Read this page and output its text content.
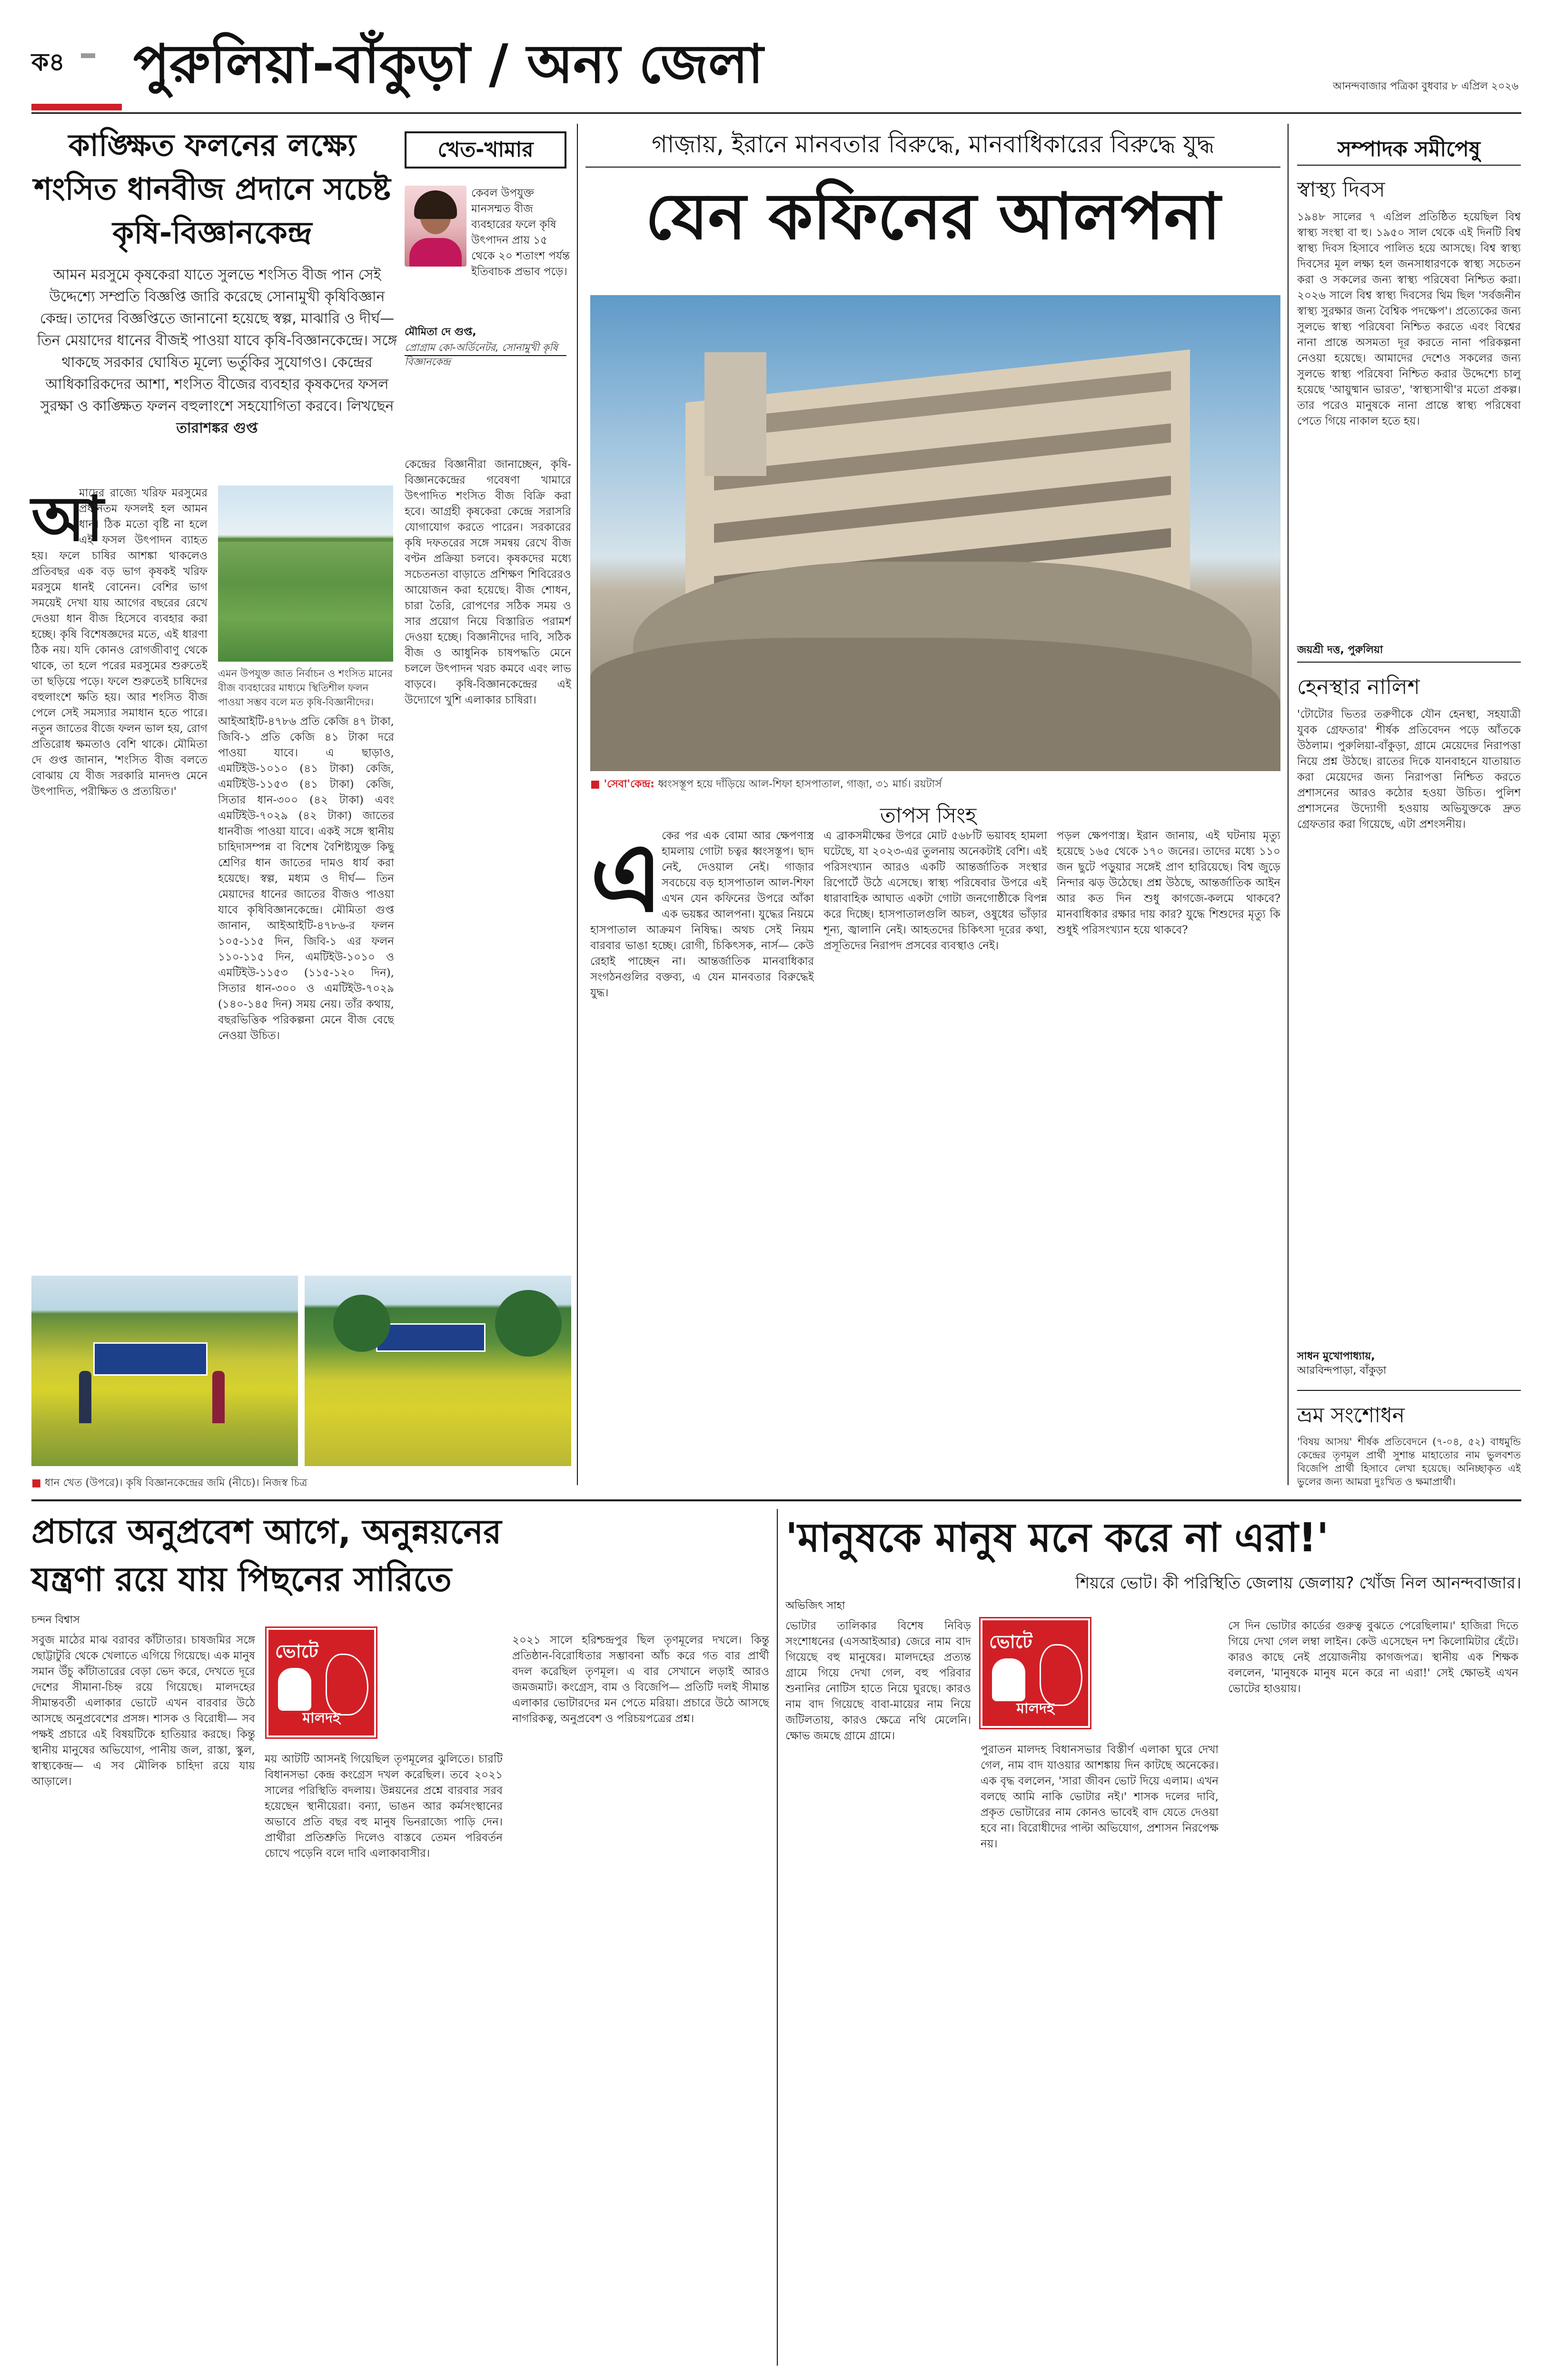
ক৪ পুরুলিয়া-বাঁকুড়া / অন্য জেলা	আনন্দবাজার পত্রিকা বুধবার ৮ এপ্রিল ২০২৬
কাঙ্ক্ষিত ফলনের লক্ষ্যে শংসিত ধানবীজ প্রদানে সচেষ্ট কৃষি-বিজ্ঞানকেন্দ্র
খেত-খামার
আমন মরসুমে কৃষকেরা যাতে সুলভে শংসিত বীজ পান সেই উদ্দেশ্যে সম্প্রতি বিজ্ঞপ্তি জারি করেছে সোনামুখী কৃষিবিজ্ঞান কেন্দ্র। তাদের বিজ্ঞপ্তিতে জানানো হয়েছে স্বল্প, মাঝারি ও দীর্ঘ— তিন মেয়াদের ধানের বীজই পাওয়া যাবে কৃষি-বিজ্ঞানকেন্দ্রে। সঙ্গে থাকছে সরকার ঘোষিত মূল্যে ভর্তুকির সুযোগও। কেন্দ্রের আধিকারিকদের আশা, শংসিত বীজের ব্যবহার কৃষকদের ফসল সুরক্ষা ও কাঙ্ক্ষিত ফলন বহুলাংশে সহযোগিতা করবে। লিখছেন তারাশঙ্কর গুপ্ত
কেবল উপযুক্ত মানসম্মত বীজ ব্যবহারের ফলে কৃষি উৎপাদন প্রায় ১৫ থেকে ২০ শতাংশ পর্যন্ত ইতিবাচক প্রভাব পড়ে।
মৌমিতা দে গুপ্ত,
প্রোগ্রাম কো-অর্ডিনেটর, সোনামুখী কৃষি বিজ্ঞানকেন্দ্র
আ
মাদের রাজ্যে খরিফ মরসুমের প্রধানতম ফসলই হল আমন ধান। ঠিক মতো বৃষ্টি না হলে এই ফসল উৎপাদন ব্যাহত হয়। ফলে চাষির আশঙ্কা থাকলেও প্রতিবছর এক বড় ভাগ কৃষকই খরিফ মরসুমে ধানই বোনেন। বেশির ভাগ সময়েই দেখা যায় আগের বছরের রেখে দেওয়া ধান বীজ হিসেবে ব্যবহার করা হচ্ছে। কৃষি বিশেষজ্ঞদের মতে, এই ধারণা ঠিক নয়। যদি কোনও রোগজীবাণু থেকে থাকে, তা হলে পরের মরসুমের শুরুতেই তা ছড়িয়ে পড়ে। ফলে শুরুতেই চাষিদের বহুলাংশে ক্ষতি হয়। আর শংসিত বীজ পেলে সেই সমস্যার সমাধান হতে পারে। নতুন জাতের বীজে ফলন ভাল হয়, রোগ প্রতিরোধ ক্ষমতাও বেশি থাকে। মৌমিতা দে গুপ্ত জানান, 'শংসিত বীজ বলতে বোঝায় যে বীজ সরকারি মানদণ্ড মেনে উৎপাদিত, পরীক্ষিত ও প্রত্যয়িত।'
এমন উপযুক্ত জাত নির্বাচন ও শংসিত মানের বীজ ব্যবহারের মাধ্যমে স্থিতিশীল ফলন পাওয়া সম্ভব বলে মত কৃষি-বিজ্ঞানীদের।
আইআইটি-৪৭৮৬ প্রতি কেজি ৪৭ টাকা, জিবি-১ প্রতি কেজি ৪১ টাকা দরে পাওয়া যাবে। এ ছাড়াও, এমটিইউ-১০১০ (৪১ টাকা) কেজি, এমটিইউ-১১৫৩ (৪১ টাকা) কেজি, সিতার ধান-৩০০ (৪২ টাকা) এবং এমটিইউ-৭০২৯ (৪২ টাকা) জাতের ধানবীজ পাওয়া যাবে। একই সঙ্গে স্থানীয় চাহিদাসম্পন্ন বা বিশেষ বৈশিষ্ট্যযুক্ত কিছু শ্রেণির ধান জাতের দামও ধার্য করা হয়েছে। স্বল্প, মধ্যম ও দীর্ঘ— তিন মেয়াদের ধানের জাতের বীজও পাওয়া যাবে কৃষিবিজ্ঞানকেন্দ্রে। মৌমিতা গুপ্ত জানান, আইআইটি-৪৭৮৬-র ফলন ১০৫-১১৫ দিন, জিবি-১ এর ফলন ১১০-১১৫ দিন, এমটিইউ-১০১০ ও এমটিইউ-১১৫৩ (১১৫-১২০ দিন), সিতার ধান-৩০০ ও এমটিইউ-৭০২৯ (১৪০-১৪৫ দিন) সময় নেয়। তাঁর কথায়, বছরভিত্তিক পরিকল্পনা মেনে বীজ বেছে নেওয়া উচিত।
কেন্দ্রের বিজ্ঞানীরা জানাচ্ছেন, কৃষি-বিজ্ঞানকেন্দ্রের গবেষণা খামারে উৎপাদিত শংসিত বীজ বিক্রি করা হবে। আগ্রহী কৃষকেরা কেন্দ্রে সরাসরি যোগাযোগ করতে পারেন। সরকারের কৃষি দফতরের সঙ্গে সমন্বয় রেখে বীজ বণ্টন প্রক্রিয়া চলবে। কৃষকদের মধ্যে সচেতনতা বাড়াতে প্রশিক্ষণ শিবিরেরও আয়োজন করা হয়েছে। বীজ শোধন, চারা তৈরি, রোপণের সঠিক সময় ও সার প্রয়োগ নিয়ে বিস্তারিত পরামর্শ দেওয়া হচ্ছে। বিজ্ঞানীদের দাবি, সঠিক বীজ ও আধুনিক চাষপদ্ধতি মেনে চললে উৎপাদন খরচ কমবে এবং লাভ বাড়বে। কৃষি-বিজ্ঞানকেন্দ্রের এই উদ্যোগে খুশি এলাকার চাষিরা।
■ ধান খেত (উপরে)। কৃষি বিজ্ঞানকেন্দ্রের জমি (নীচে)। নিজস্ব চিত্র
গাজ়ায়, ইরানে মানবতার বিরুদ্ধে, মানবাধিকারের বিরুদ্ধে যুদ্ধ
যেন কফিনের আলপনা
■ 'সেবা'কেন্দ্র: ধ্বংসস্তূপ হয়ে দাঁড়িয়ে আল-শিফা হাসপাতাল, গাজ়া, ৩১ মার্চ। রয়টার্স
তাপস সিংহ
এ
কের পর এক বোমা আর ক্ষেপণাস্ত্র হামলায় গোটা চত্বর ধ্বংসস্তূপ। ছাদ নেই, দেওয়াল নেই। গাজ়ার সবচেয়ে বড় হাসপাতাল আল-শিফা এখন যেন কফিনের উপরে আঁকা এক ভয়ঙ্কর আলপনা। যুদ্ধের নিয়মে হাসপাতাল আক্রমণ নিষিদ্ধ। অথচ সেই নিয়ম বারবার ভাঙা হচ্ছে। রোগী, চিকিৎসক, নার্স— কেউ রেহাই পাচ্ছেন না। আন্তর্জাতিক মানবাধিকার সংগঠনগুলির বক্তব্য, এ যেন মানবতার বিরুদ্ধেই যুদ্ধ।
এ ব্রাকসমীক্ষের উপরে মোট ৫৬৮টি ভয়াবহ হামলা ঘটেছে, যা ২০২৩-এর তুলনায় অনেকটাই বেশি। এই পরিসংখ্যান আরও একটি আন্তর্জাতিক সংস্থার রিপোর্টে উঠে এসেছে। স্বাস্থ্য পরিষেবার উপরে এই ধারাবাহিক আঘাত একটা গোটা জনগোষ্ঠীকে বিপন্ন করে দিচ্ছে। হাসপাতালগুলি অচল, ওষুধের ভাঁড়ার শূন্য, জ্বালানি নেই। আহতদের চিকিৎসা দূরের কথা, প্রসূতিদের নিরাপদ প্রসবের ব্যবস্থাও নেই।
পড়ল ক্ষেপণাস্ত্র। ইরান জানায়, এই ঘটনায় মৃত্যু হয়েছে ১৬৫ থেকে ১৭০ জনের। তাদের মধ্যে ১১০ জন ছুটে পড়ুয়ার সঙ্গেই প্রাণ হারিয়েছে। বিশ্ব জুড়ে নিন্দার ঝড় উঠেছে। প্রশ্ন উঠছে, আন্তর্জাতিক আইন আর কত দিন শুধু কাগজে-কলমে থাকবে? মানবাধিকার রক্ষার দায় কার? যুদ্ধে শিশুদের মৃত্যু কি শুধুই পরিসংখ্যান হয়ে থাকবে?
সম্পাদক সমীপেষু
স্বাস্থ্য দিবস
১৯৪৮ সালের ৭ এপ্রিল প্রতিষ্ঠিত হয়েছিল বিশ্ব স্বাস্থ্য সংস্থা বা হু। ১৯৫০ সাল থেকে এই দিনটি বিশ্ব স্বাস্থ্য দিবস হিসাবে পালিত হয়ে আসছে। বিশ্ব স্বাস্থ্য দিবসের মূল লক্ষ্য হল জনসাধারণকে স্বাস্থ্য সচেতন করা ও সকলের জন্য স্বাস্থ্য পরিষেবা নিশ্চিত করা। ২০২৬ সালে বিশ্ব স্বাস্থ্য দিবসের থিম ছিল 'সর্বজনীন স্বাস্থ্য সুরক্ষার জন্য বৈশ্বিক পদক্ষেপ'। প্রত্যেকের জন্য সুলভে স্বাস্থ্য পরিষেবা নিশ্চিত করতে এবং বিশ্বের নানা প্রান্তে অসমতা দূর করতে নানা পরিকল্পনা নেওয়া হয়েছে। আমাদের দেশেও সকলের জন্য সুলভে স্বাস্থ্য পরিষেবা নিশ্চিত করার উদ্দেশ্যে চালু হয়েছে 'আয়ুষ্মান ভারত', 'স্বাস্থ্যসাথী'র মতো প্রকল্প। তার পরেও মানুষকে নানা প্রান্তে স্বাস্থ্য পরিষেবা পেতে গিয়ে নাকাল হতে হয়।
জয়শ্রী দত্ত, পুরুলিয়া
হেনস্থার নালিশ
'টোটোর ভিতর তরুণীকে যৌন হেনস্থা, সহযাত্রী যুবক গ্রেফতার' শীর্ষক প্রতিবেদন পড়ে আঁতকে উঠলাম। পুরুলিয়া-বাঁকুড়া, গ্রামে মেয়েদের নিরাপত্তা নিয়ে প্রশ্ন উঠছে। রাতের দিকে যানবাহনে যাতায়াত করা মেয়েদের জন্য নিরাপত্তা নিশ্চিত করতে প্রশাসনের আরও কঠোর হওয়া উচিত। পুলিশ প্রশাসনের উদ্যোগী হওয়ায় অভিযুক্তকে দ্রুত গ্রেফতার করা গিয়েছে, এটা প্রশংসনীয়।
সাধন মুখোপাধ্যায়,
আরবিন্দপাড়া, বাঁকুড়া
ভ্রম সংশোধন
'বিষয় আসয়' শীর্ষক প্রতিবেদনে (৭-০৪, ৫২) বাধমুন্ডি কেন্দ্রের তৃণমূল প্রার্থী সুশান্ত মাহাতোর নাম ভুলবশত বিজেপি প্রার্থী হিসাবে লেখা হয়েছে। অনিচ্ছাকৃত এই ভুলের জন্য আমরা দুঃখিত ও ক্ষমাপ্রার্থী।
প্রচারে অনুপ্রবেশ আগে, অনুন্নয়নের
যন্ত্রণা রয়ে যায় পিছনের সারিতে
চন্দন বিশ্বাস
ভোটে
মালদহ
সবুজ মাঠের মাঝ বরাবর কাঁটাতার। চাষজমির সঙ্গে ছোট্টাটুরি থেকে খেলাতে এগিয়ে গিয়েছে। এক মানুষ সমান উঁচু কাঁটাতারের বেড়া ভেদ করে, দেখতে দূরে দেশের সীমানা-চিহ্ন রয়ে গিয়েছে। মালদহের সীমান্তবর্তী এলাকার ভোটে এখন বারবার উঠে আসছে অনুপ্রবেশের প্রসঙ্গ। শাসক ও বিরোধী— সব পক্ষই প্রচারে এই বিষয়টিকে হাতিয়ার করছে। কিন্তু স্থানীয় মানুষের অভিযোগ, পানীয় জল, রাস্তা, স্কুল, স্বাস্থ্যকেন্দ্র— এ সব মৌলিক চাহিদা রয়ে যায় আড়ালে।
ময় আটটি আসনই গিয়েছিল তৃণমূলের ঝুলিতে। চারটি বিধানসভা কেন্দ্র কংগ্রেস দখল করেছিল। তবে ২০২১ সালের পরিস্থিতি বদলায়। উন্নয়নের প্রশ্নে বারবার সরব হয়েছেন স্থানীয়েরা। বন্যা, ভাঙন আর কর্মসংস্থানের অভাবে প্রতি বছর বহু মানুষ ভিনরাজ্যে পাড়ি দেন। প্রার্থীরা প্রতিশ্রুতি দিলেও বাস্তবে তেমন পরিবর্তন চোখে পড়েনি বলে দাবি এলাকাবাসীর।
২০২১ সালে হরিশ্চন্দ্রপুর ছিল তৃণমূলের দখলে। কিন্তু প্রতিষ্ঠান-বিরোধিতার সম্ভাবনা আঁচ করে গত বার প্রার্থী বদল করেছিল তৃণমূল। এ বার সেখানে লড়াই আরও জমজমাট। কংগ্রেস, বাম ও বিজেপি— প্রতিটি দলই সীমান্ত এলাকার ভোটারদের মন পেতে মরিয়া। প্রচারে উঠে আসছে নাগরিকত্ব, অনুপ্রবেশ ও পরিচয়পত্রের প্রশ্ন।
'মানুষকে মানুষ মনে করে না এরা!'
শিয়রে ভোট। কী পরিস্থিতি জেলায় জেলায়? খোঁজ নিল আনন্দবাজার।
অভিজিৎ সাহা
ভোটে
মালদহ
ভোটার তালিকার বিশেষ নিবিড় সংশোধনের (এসআইআর) জেরে নাম বাদ গিয়েছে বহু মানুষের। মালদহের প্রত্যন্ত গ্রামে গিয়ে দেখা গেল, বহু পরিবার শুনানির নোটিস হাতে নিয়ে ঘুরছে। কারও নাম বাদ গিয়েছে বাবা-মায়ের নাম নিয়ে জটিলতায়, কারও ক্ষেত্রে নথি মেলেনি। ক্ষোভ জমছে গ্রামে গ্রামে।
পুরাতন মালদহ বিধানসভার বিস্তীর্ণ এলাকা ঘুরে দেখা গেল, নাম বাদ যাওয়ার আশঙ্কায় দিন কাটছে অনেকের। এক বৃদ্ধ বললেন, 'সারা জীবন ভোট দিয়ে এলাম। এখন বলছে আমি নাকি ভোটার নই।' শাসক দলের দাবি, প্রকৃত ভোটারের নাম কোনও ভাবেই বাদ যেতে দেওয়া হবে না। বিরোধীদের পাল্টা অভিযোগ, প্রশাসন নিরপেক্ষ নয়।
সে দিন ভোটার কার্ডের গুরুত্ব বুঝতে পেরেছিলাম।' হাজিরা দিতে গিয়ে দেখা গেল লম্বা লাইন। কেউ এসেছেন দশ কিলোমিটার হেঁটে। কারও কাছে নেই প্রয়োজনীয় কাগজপত্র। স্থানীয় এক শিক্ষক বললেন, 'মানুষকে মানুষ মনে করে না এরা!' সেই ক্ষোভই এখন ভোটের হাওয়ায়।
